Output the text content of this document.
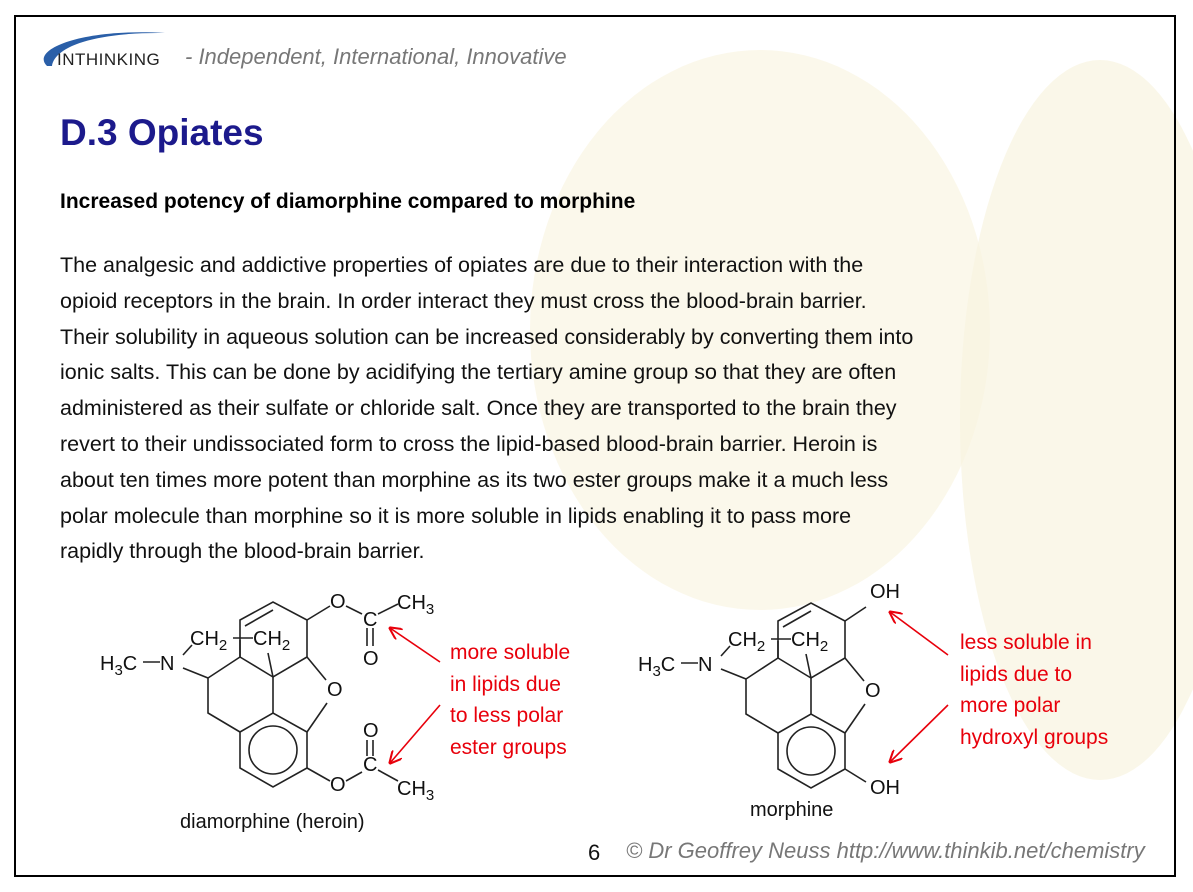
INTHINKING - Independent, International, Innovative
D.3 Opiates
Increased potency of diamorphine compared to morphine
The analgesic and addictive properties of opiates are due to their interaction with the
opioid receptors in the brain. In order interact they must cross the blood-brain barrier.
Their solubility in aqueous solution can be increased considerably by converting them into
ionic salts. This can be done by acidifying the tertiary amine group so that they are often
administered as their sulfate or chloride salt. Once they are transported to the brain they
revert to their undissociated form to cross the lipid-based blood-brain barrier. Heroin is
about ten times more potent than morphine as its two ester groups make it a much less
polar molecule than morphine so it is more soluble in lipids enabling it to pass more
rapidly through the blood-brain barrier.
$H_3C$ N
$CH_2$ $CH_2$
O
O
C
O
$CH_3$
O
C
O
$CH_3$
$H_3C$ N
$CH_2$ $CH_2$
O
OH
OH
more soluble
in lipids due
to less polar
ester groups
less soluble in
lipids due to
more polar
hydroxyl groups
diamorphine (heroin)
morphine
6 © Dr Geoffrey Neuss http://www.thinkib.net/chemistry
